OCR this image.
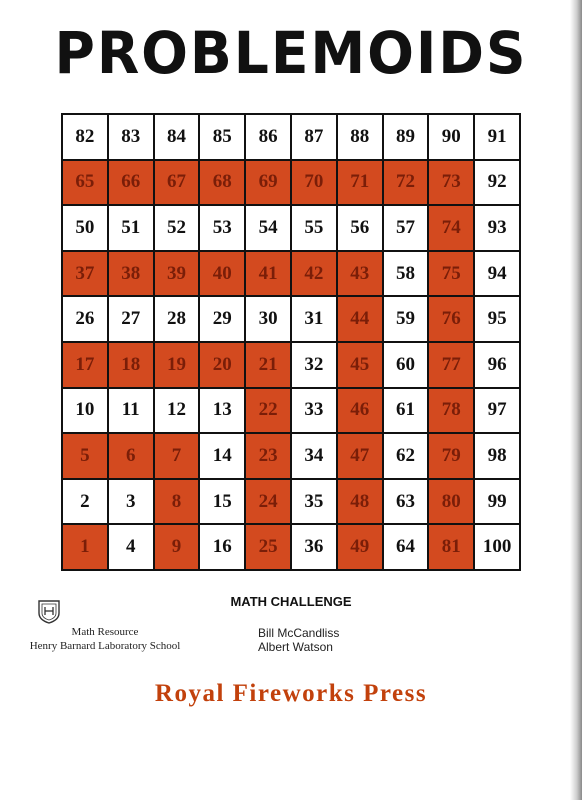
PROBLEMOIDS
82	83	84	85	86	87	88	89	90	91
65	66	67	68	69	70	71	72	73	92
50	51	52	53	54	55	56	57	74	93
37	38	39	40	41	42	43	58	75	94
26	27	28	29	30	31	44	59	76	95
17	18	19	20	21	32	45	60	77	96
10	11	12	13	22	33	46	61	78	97
5	6	7	14	23	34	47	62	79	98
2	3	8	15	24	35	48	63	80	99
1	4	9	16	25	36	49	64	81	100
MATH CHALLENGE
Math Resource
Henry Barnard Laboratory School
Bill McCandliss
Albert Watson
Royal Fireworks Press
